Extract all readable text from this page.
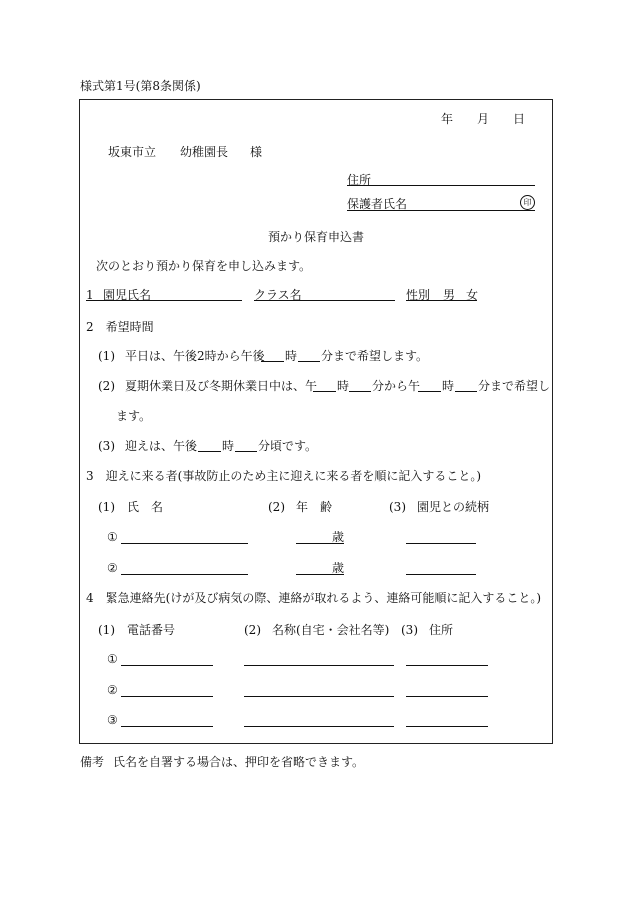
様式第1号(第8条関係)
年 月 日
坂東市立 幼稚園長 様
住所
保護者氏名	印
預かり保育申込書
次のとおり預かり保育を申し込みます。
1 園児氏名	クラス名	性別 男 女
2　希望時間
(1) 平日は、午後2時から午後 時 分まで希望します。
(2) 夏期休業日及び冬期休業日中は、午 時 分から午 時 分まで希望し
ます。
(3) 迎えは、午後 時 分頃です。
3　迎えに来る者(事故防止のため主に迎えに来る者を順に記入すること。)
(1) 氏　名	(2) 年　齢	(3) 園児との続柄
①	歳
②	歳
4　緊急連絡先(けが及び病気の際、連絡が取れるよう、連絡可能順に記入すること。)
(1) 電話番号	(2) 名称(自宅・会社名等) (3) 住所
①
②
③
備考 氏名を自署する場合は、押印を省略できます。
